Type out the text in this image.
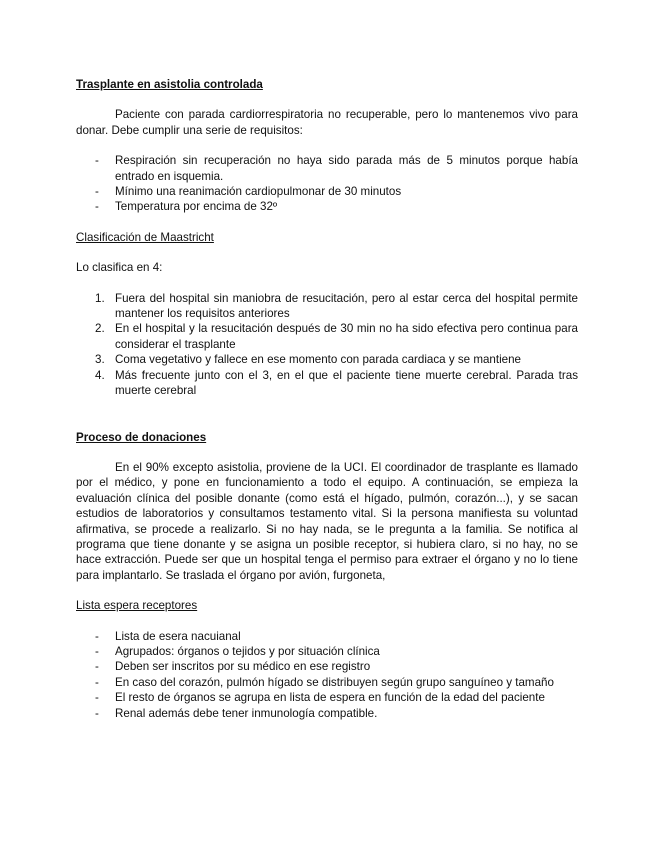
Trasplante en asistolia controlada

Paciente con parada cardiorrespiratoria no recuperable, pero lo mantenemos vivo para donar. Debe cumplir una serie de requisitos:

- Respiración sin recuperación no haya sido parada más de 5 minutos porque había entrado en isquemia.
- Mínimo una reanimación cardiopulmonar de 30 minutos
- Temperatura por encima de 32º

Clasificación de Maastricht

Lo clasifica en 4:

1. Fuera del hospital sin maniobra de resucitación, pero al estar cerca del hospital permite mantener los requisitos anteriores
2. En el hospital y la resucitación después de 30 min no ha sido efectiva pero continua para considerar el trasplante
3. Coma vegetativo y fallece en ese momento con parada cardiaca y se mantiene
4. Más frecuente junto con el 3, en el que el paciente tiene muerte cerebral. Parada tras muerte cerebral

Proceso de donaciones

En el 90% excepto asistolia, proviene de la UCI. El coordinador de trasplante es llamado por el médico, y pone en funcionamiento a todo el equipo. A continuación, se empieza la evaluación clínica del posible donante (como está el hígado, pulmón, corazón...), y se sacan estudios de laboratorios y consultamos testamento vital. Si la persona manifiesta su voluntad afirmativa, se procede a realizarlo. Si no hay nada, se le pregunta a la familia. Se notifica al programa que tiene donante y se asigna un posible receptor, si hubiera claro, si no hay, no se hace extracción. Puede ser que un hospital tenga el permiso para extraer el órgano y no lo tiene para implantarlo. Se traslada el órgano por avión, furgoneta,

Lista espera receptores

- Lista de esera nacuianal
- Agrupados: órganos o tejidos y por situación clínica
- Deben ser inscritos por su médico en ese registro
- En caso del corazón, pulmón hígado se distribuyen según grupo sanguíneo y tamaño
- El resto de órganos se agrupa en lista de espera en función de la edad del paciente
- Renal además debe tener inmunología compatible.
